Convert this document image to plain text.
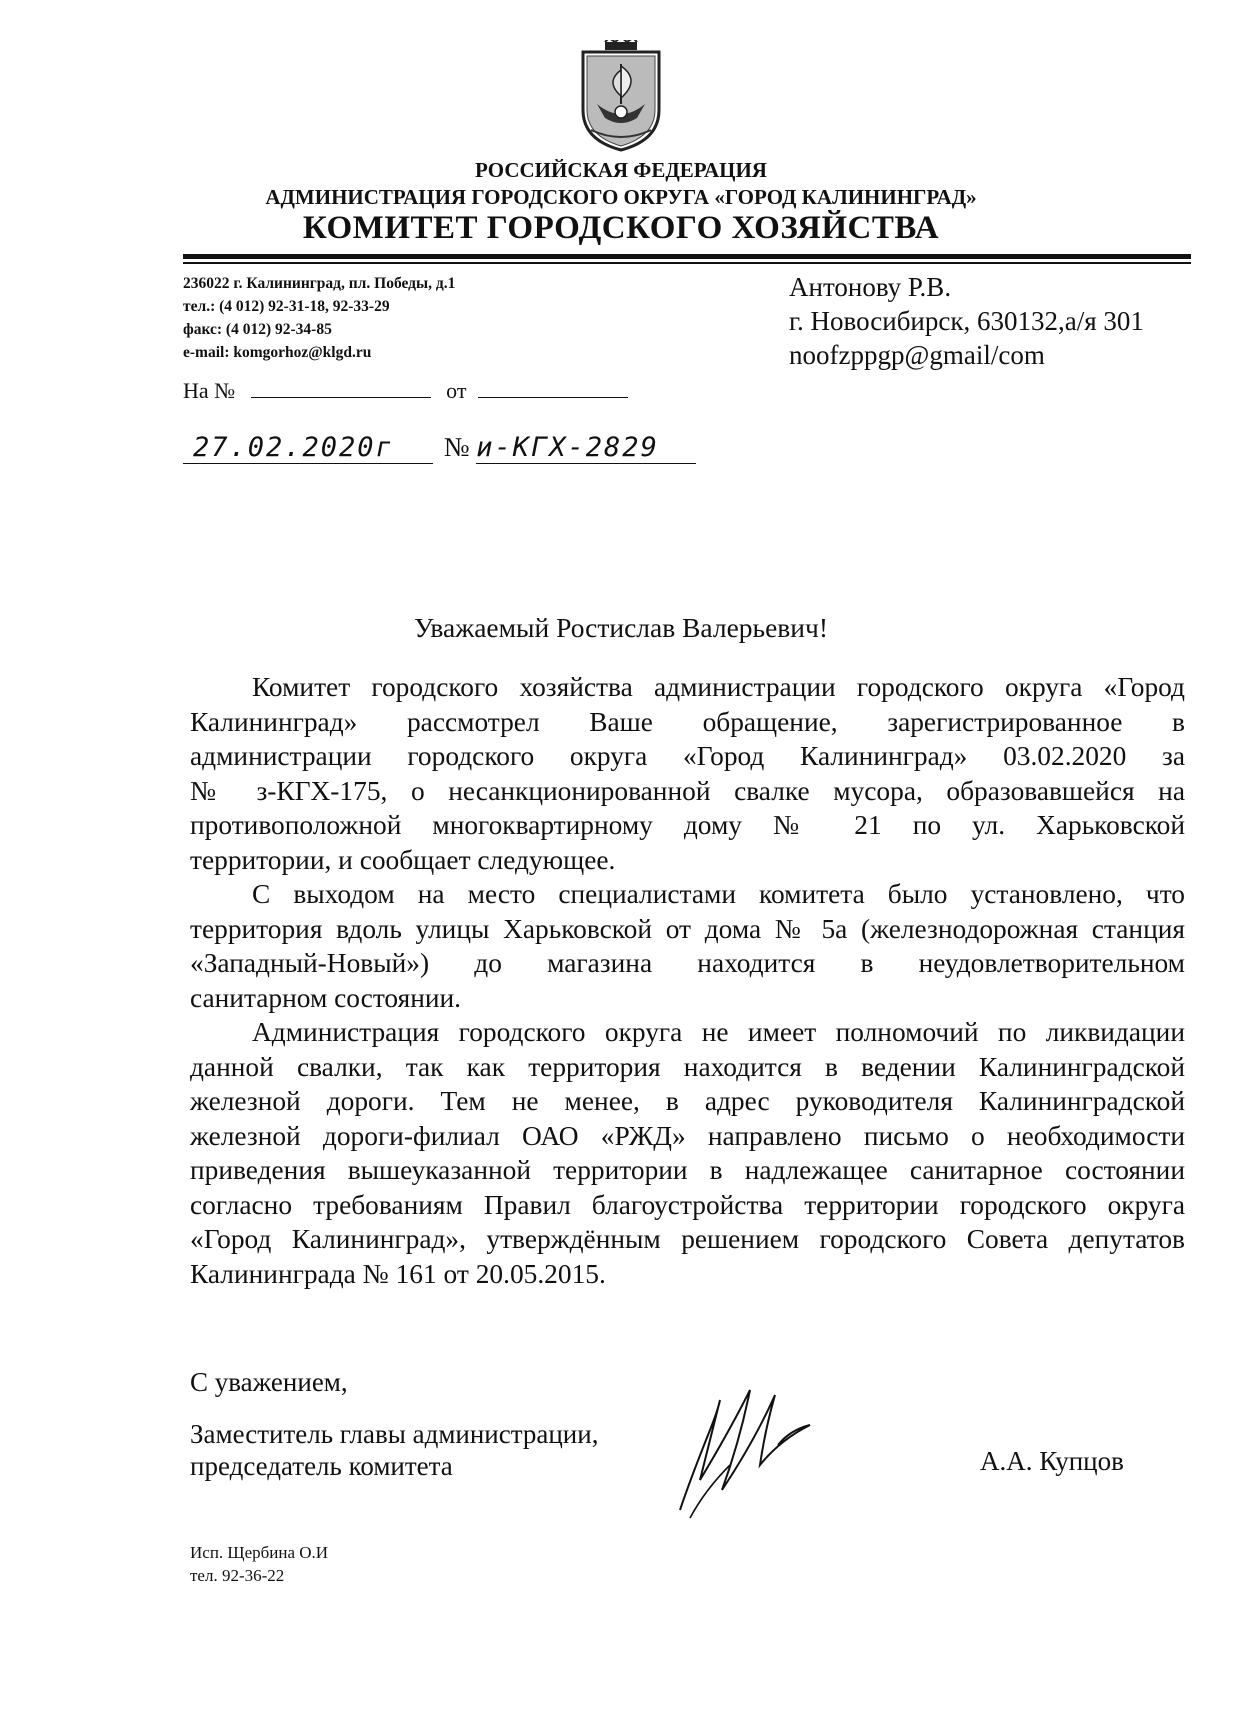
РОССИЙСКАЯ ФЕДЕРАЦИЯ
АДМИНИСТРАЦИЯ ГОРОДСКОГО ОКРУГА «ГОРОД КАЛИНИНГРАД»
КОМИТЕТ ГОРОДСКОГО ХОЗЯЙСТВА
236022 г. Калининград, пл. Победы, д.1
тел.: (4 012) 92-31-18, 92-33-29
факс: (4 012) 92-34-85
e-mail: komgorhoz@klgd.ru
На №	от
27.02.2020г № и-КГХ-2829
Антонову Р.В.
г. Новосибирск, 630132,а/я 301
noofzppgp@gmail/com
Уважаемый Ростислав Валерьевич!
Комитет городского хозяйства администрации городского округа «Город
Калининград» рассмотрел Ваше обращение, зарегистрированное в
администрации городского округа «Город Калининград» 03.02.2020 за
№ з-КГХ-175, о несанкционированной свалке мусора, образовавшейся на
противоположной многоквартирному дому № 21 по ул. Харьковской
территории, и сообщает следующее.
С выходом на место специалистами комитета было установлено, что
территория вдоль улицы Харьковской от дома № 5а (железнодорожная станция
«Западный-Новый») до магазина находится в неудовлетворительном
санитарном состоянии.
Администрация городского округа не имеет полномочий по ликвидации
данной свалки, так как территория находится в ведении Калининградской
железной дороги. Тем не менее, в адрес руководителя Калининградской
железной дороги-филиал ОАО «РЖД» направлено письмо о необходимости
приведения вышеуказанной территории в надлежащее санитарное состоянии
согласно требованиям Правил благоустройства территории городского округа
«Город Калининград», утверждённым решением городского Совета депутатов
Калининграда № 161 от 20.05.2015.
С уважением,
Заместитель главы администрации,
председатель комитета	А.А. Купцов
Исп. Щербина О.И
тел. 92-36-22
